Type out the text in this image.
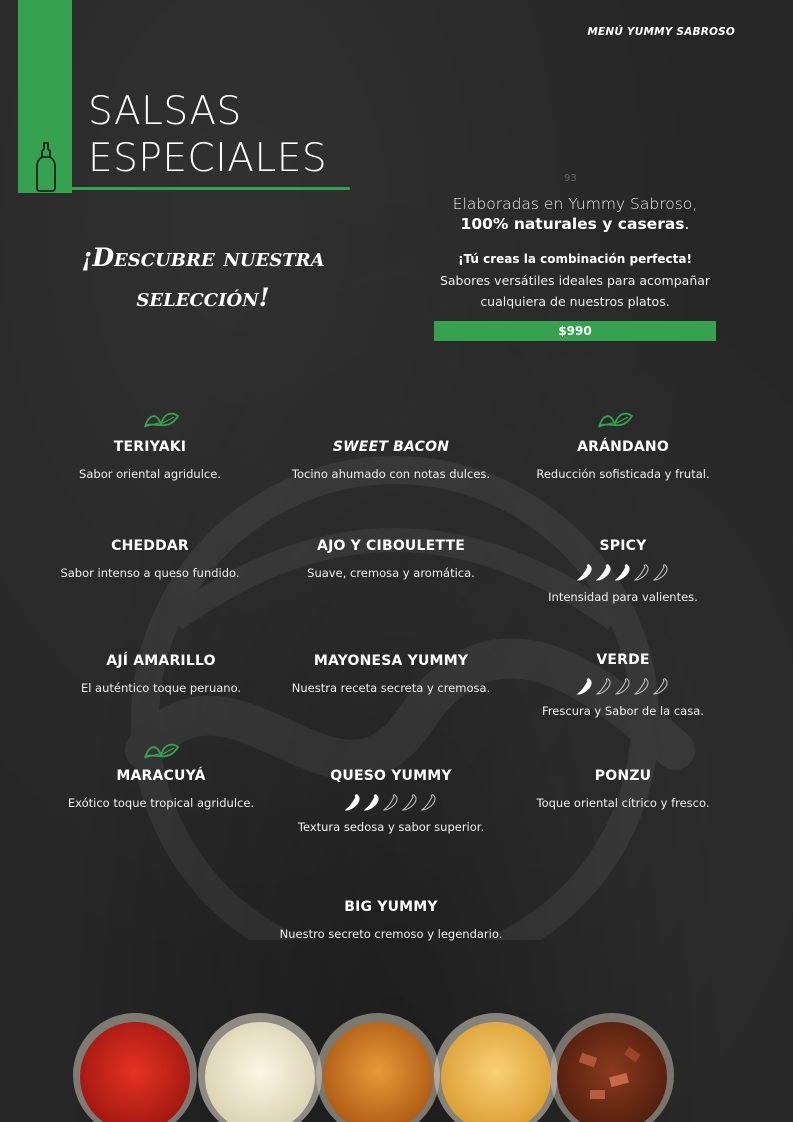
SALSAS
ESPECIALES
MENÚ YUMMY SABROSO
93
¡Descubre nuestra
selección!
Elaboradas en Yummy Sabroso,
100% naturales y caseras.
¡Tú creas la combinación perfecta!
Sabores versátiles ideales para acompañar
cualquiera de nuestros platos.
$990
TERIYAKI
Sabor oriental agridulce.
SWEET BACON
Tocino ahumado con notas dulces.
ARÁNDANO
Reducción sofisticada y frutal.
CHEDDAR
Sabor intenso a queso fundido.
AJO Y CIBOULETTE
Suave, cremosa y aromática.
SPICY
Intensidad para valientes.
AJÍ AMARILLO
El auténtico toque peruano.
MAYONESA YUMMY
Nuestra receta secreta y cremosa.
VERDE
Frescura y Sabor de la casa.
MARACUYÁ
Exótico toque tropical agridulce.
QUESO YUMMY
Textura sedosa y sabor superior.
PONZU
Toque oriental cítrico y fresco.
BIG YUMMY
Nuestro secreto cremoso y legendario.
